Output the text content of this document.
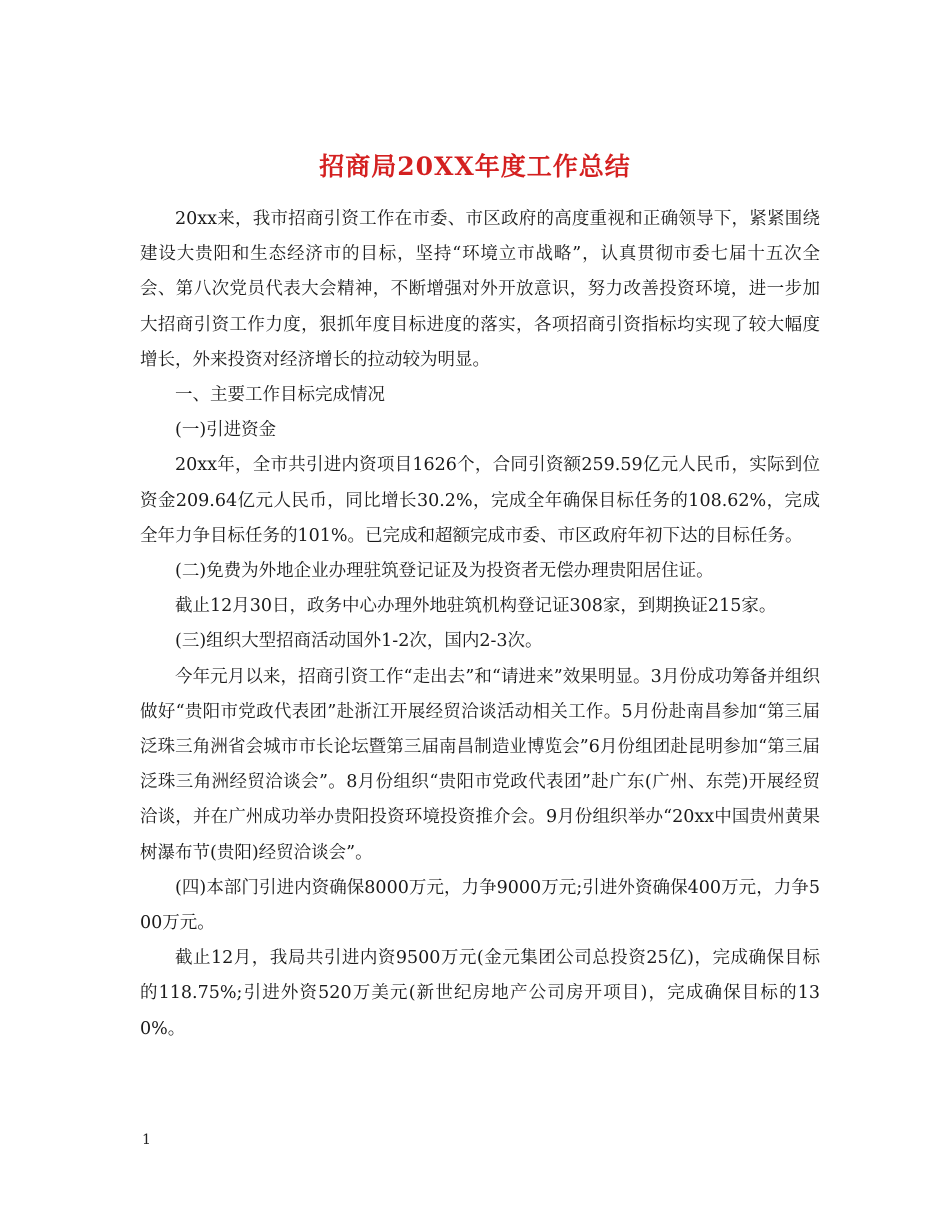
招商局20XX年度工作总结

20xx来，我市招商引资工作在市委、市区政府的高度重视和正确领导下，紧紧围绕建设大贵阳和生态经济市的目标，坚持“环境立市战略”，认真贯彻市委七届十五次全会、第八次党员代表大会精神，不断增强对外开放意识，努力改善投资环境，进一步加大招商引资工作力度，狠抓年度目标进度的落实，各项招商引资指标均实现了较大幅度增长，外来投资对经济增长的拉动较为明显。

一、主要工作目标完成情况

(一)引进资金

20xx年，全市共引进内资项目1626个，合同引资额259.59亿元人民币，实际到位资金209.64亿元人民币，同比增长30.2%，完成全年确保目标任务的108.62%，完成全年力争目标任务的101%。已完成和超额完成市委、市区政府年初下达的目标任务。

(二)免费为外地企业办理驻筑登记证及为投资者无偿办理贵阳居住证。

截止12月30日，政务中心办理外地驻筑机构登记证308家，到期换证215家。

(三)组织大型招商活动国外1-2次，国内2-3次。

今年元月以来，招商引资工作“走出去”和“请进来”效果明显。3月份成功筹备并组织做好“贵阳市党政代表团”赴浙江开展经贸洽谈活动相关工作。5月份赴南昌参加“第三届泛珠三角洲省会城市市长论坛暨第三届南昌制造业博览会”6月份组团赴昆明参加“第三届泛珠三角洲经贸洽谈会”。8月份组织“贵阳市党政代表团”赴广东(广州、东莞)开展经贸洽谈，并在广州成功举办贵阳投资环境投资推介会。9月份组织举办“20xx中国贵州黄果树瀑布节(贵阳)经贸洽谈会”。

(四)本部门引进内资确保8000万元，力争9000万元;引进外资确保400万元，力争500万元。

截止12月，我局共引进内资9500万元(金元集团公司总投资25亿)，完成确保目标的118.75%;引进外资520万美元(新世纪房地产公司房开项目)，完成确保目标的130%。

1
